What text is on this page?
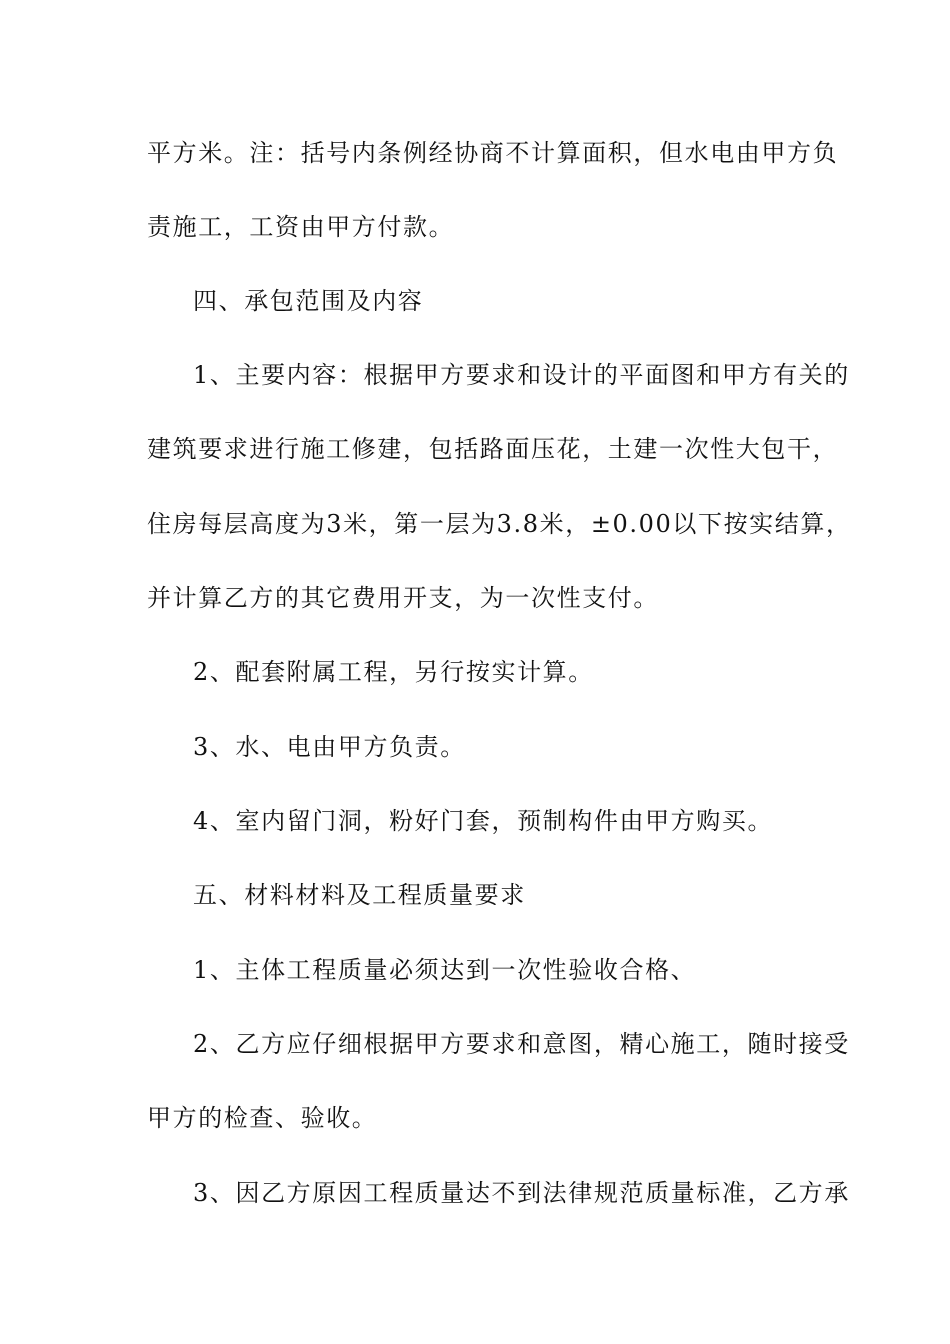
平方米。注：括号内条例经协商不计算面积，但水电由甲方负
责施工，工资由甲方付款。
四、承包范围及内容
1、主要内容：根据甲方要求和设计的平面图和甲方有关的
建筑要求进行施工修建，包括路面压花，土建一次性大包干，
住房每层高度为3米，第一层为3.8米，±0.00以下按实结算，
并计算乙方的其它费用开支，为一次性支付。
2、配套附属工程，另行按实计算。
3、水、电由甲方负责。
4、室内留门洞，粉好门套，预制构件由甲方购买。
五、材料材料及工程质量要求
1、主体工程质量必须达到一次性验收合格、
2、乙方应仔细根据甲方要求和意图，精心施工，随时接受
甲方的检查、验收。
3、因乙方原因工程质量达不到法律规范质量标准，乙方承
